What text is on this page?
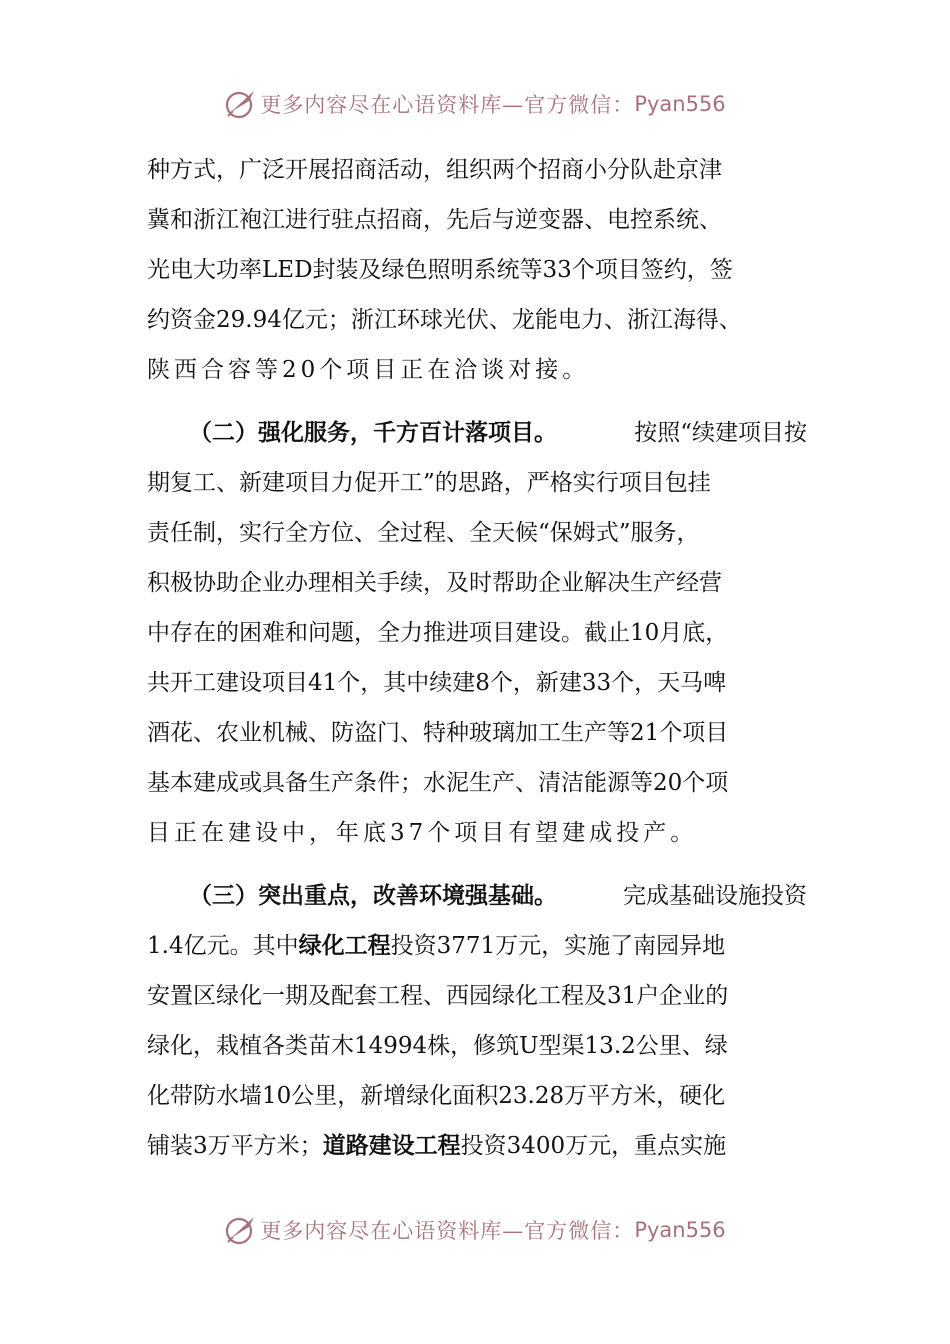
更多内容尽在心语资料库—官方微信： Pyan556
种方式，广泛开展招商活动，组织两个招商小分队赴京津
冀和浙江袍江进行驻点招商，先后与逆变器、电控系统、
光电大功率LED封装及绿色照明系统等33个项目签约，签
约资金29.94亿元；浙江环球光伏、龙能电力、浙江海得、
陕西合容等20个项目正在洽谈对接。
（二）强化服务，千方百计落项目。	按照“续建项目按
期复工、新建项目力促开工”的思路，严格实行项目包挂
责任制，实行全方位、全过程、全天候“保姆式”服务，
积极协助企业办理相关手续，及时帮助企业解决生产经营
中存在的困难和问题，全力推进项目建设。截止10月底，
共开工建设项目41个，其中续建8个，新建33个，天马啤
酒花、农业机械、防盗门、特种玻璃加工生产等21个项目
基本建成或具备生产条件；水泥生产、清洁能源等20个项
目正在建设中，年底37个项目有望建成投产。
（三）突出重点，改善环境强基础。	完成基础设施投资
1.4亿元。其中绿化工程投资3771万元，实施了南园异地
安置区绿化一期及配套工程、西园绿化工程及31户企业的
绿化，栽植各类苗木14994株，修筑U型渠13.2公里、绿
化带防水墙10公里，新增绿化面积23.28万平方米，硬化
铺装3万平方米；道路建设工程投资3400万元，重点实施
更多内容尽在心语资料库—官方微信： Pyan556
